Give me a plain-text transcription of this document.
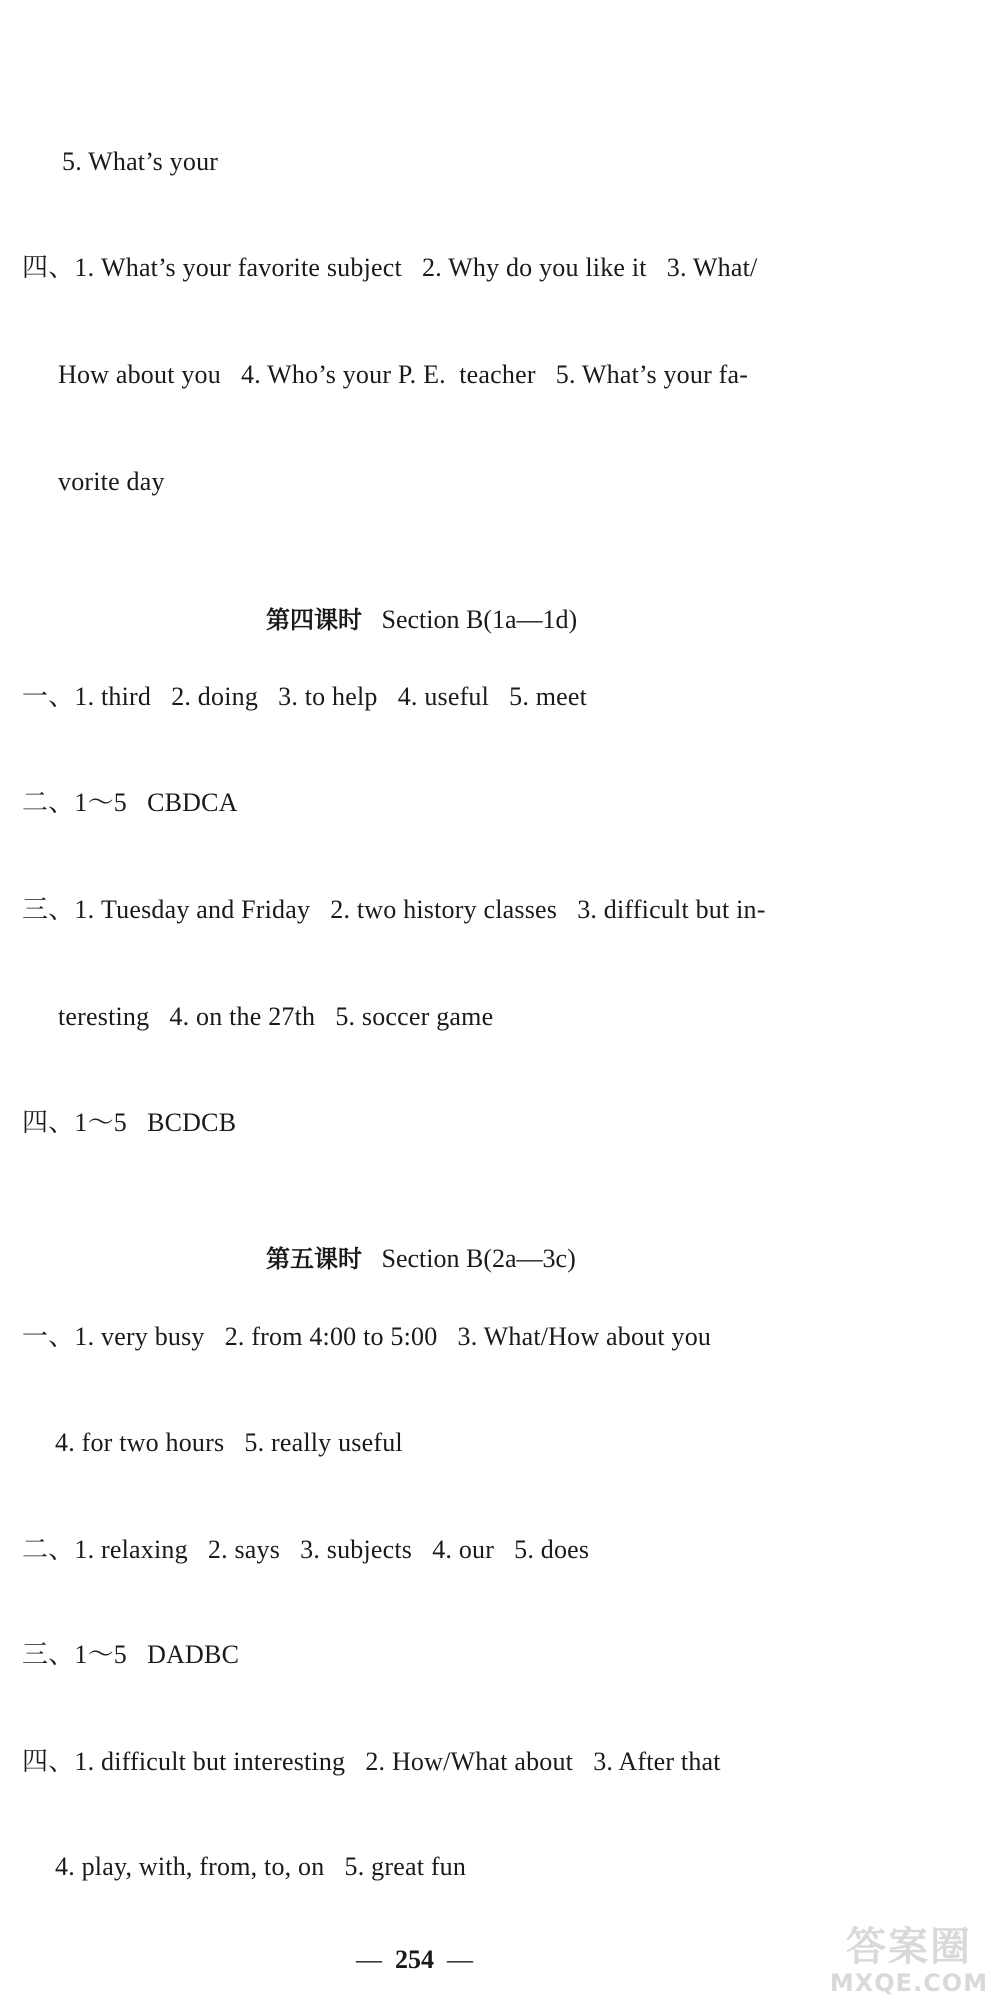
5. What’s your
四、1. What’s your favorite subject   2. Why do you like it   3. What/
How about you   4. Who’s your P. E.  teacher   5. What’s your fa-
vorite day

第四课时 Section B(1a—1d)

一、1. third   2. doing   3. to help   4. useful   5. meet
二、1～5   CBDCA
三、1. Tuesday and Friday   2. two history classes   3. difficult but in-
teresting   4. on the 27th   5. soccer game
四、1～5   BCDCB

第五课时 Section B(2a—3c)

一、1. very busy   2. from 4:00 to 5:00   3. What/How about you
4. for two hours   5. really useful
二、1. relaxing   2. says   3. subjects   4. our   5. does
三、1～5   DADBC
四、1. difficult but interesting   2. How/What about   3. After that
4. play, with, from, to, on   5. great fun

— 254 —
	答案圈
MXQE.COM
